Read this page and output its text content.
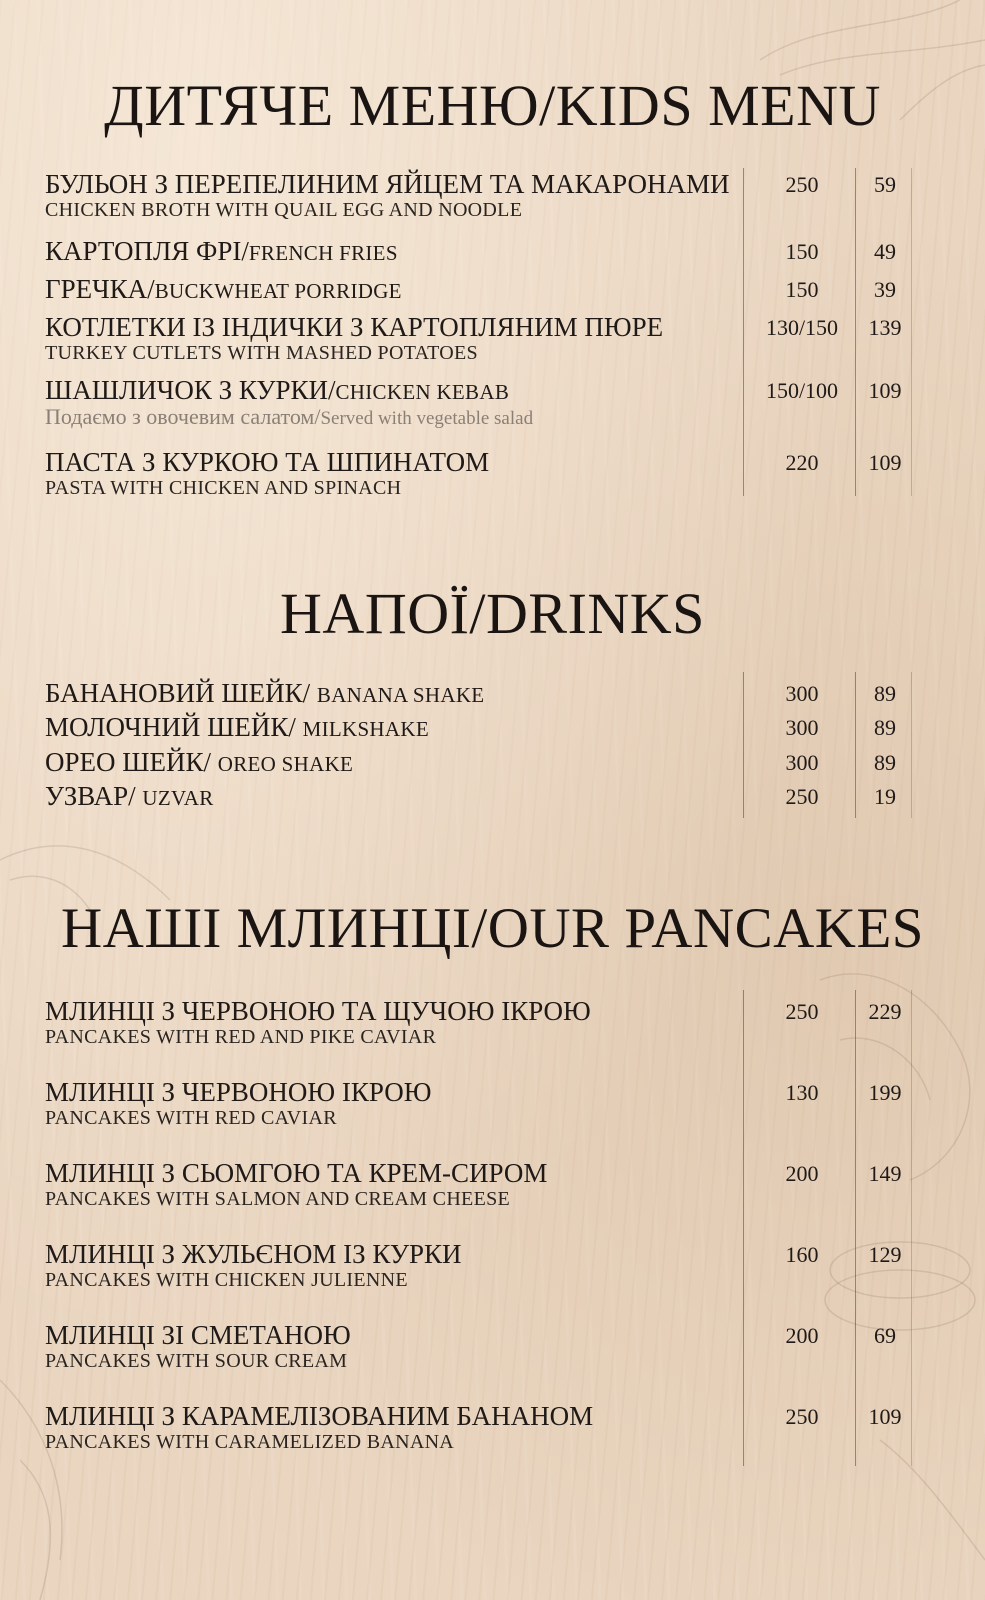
ДИТЯЧЕ МЕНЮ/KIDS MENU
БУЛЬОН З ПЕРЕПЕЛИНИМ ЯЙЦЕМ ТА МАКАРОНАМИ
CHICKEN BROTH WITH QUAIL EGG AND NOODLE
250	59
КАРТОПЛЯ ФРІ/FRENCH FRIES	150	49
ГРЕЧКА/BUCKWHEAT PORRIDGE	150	39
КОТЛЕТКИ ІЗ ІНДИЧКИ З КАРТОПЛЯНИМ ПЮРЕ
TURKEY CUTLETS WITH MASHED POTATOES
130/150	139
ШАШЛИЧОК З КУРКИ/CHICKEN KEBAB
Подаємо з овочевим салатом/Served with vegetable salad
150/100	109
ПАСТА З КУРКОЮ ТА ШПИНАТОМ
PASTA WITH CHICKEN AND SPINACH
220	109
НАПОЇ/DRINKS
БАНАНОВИЙ ШЕЙК/ BANANA SHAKE	300	89
МОЛОЧНИЙ ШЕЙК/ MILKSHAKE	300	89
ОРЕО ШЕЙК/ OREO SHAKE	300	89
УЗВАР/ UZVAR	250	19
НАШІ МЛИНЦІ/OUR PANCAKES
МЛИНЦІ З ЧЕРВОНОЮ ТА ЩУЧОЮ ІКРОЮ
PANCAKES WITH RED AND PIKE CAVIAR
250	229
МЛИНЦІ З ЧЕРВОНОЮ ІКРОЮ
PANCAKES WITH RED CAVIAR
130	199
МЛИНЦІ З СЬОМГОЮ ТА КРЕМ-СИРОМ
PANCAKES WITH SALMON AND CREAM CHEESE
200	149
МЛИНЦІ З ЖУЛЬЄНОМ ІЗ КУРКИ
PANCAKES WITH CHICKEN JULIENNE
160	129
МЛИНЦІ ЗІ СМЕТАНОЮ
PANCAKES WITH SOUR CREAM
200	69
МЛИНЦІ З КАРАМЕЛІЗОВАНИМ БАНАНОМ
PANCAKES WITH CARAMELIZED BANANA
250	109
